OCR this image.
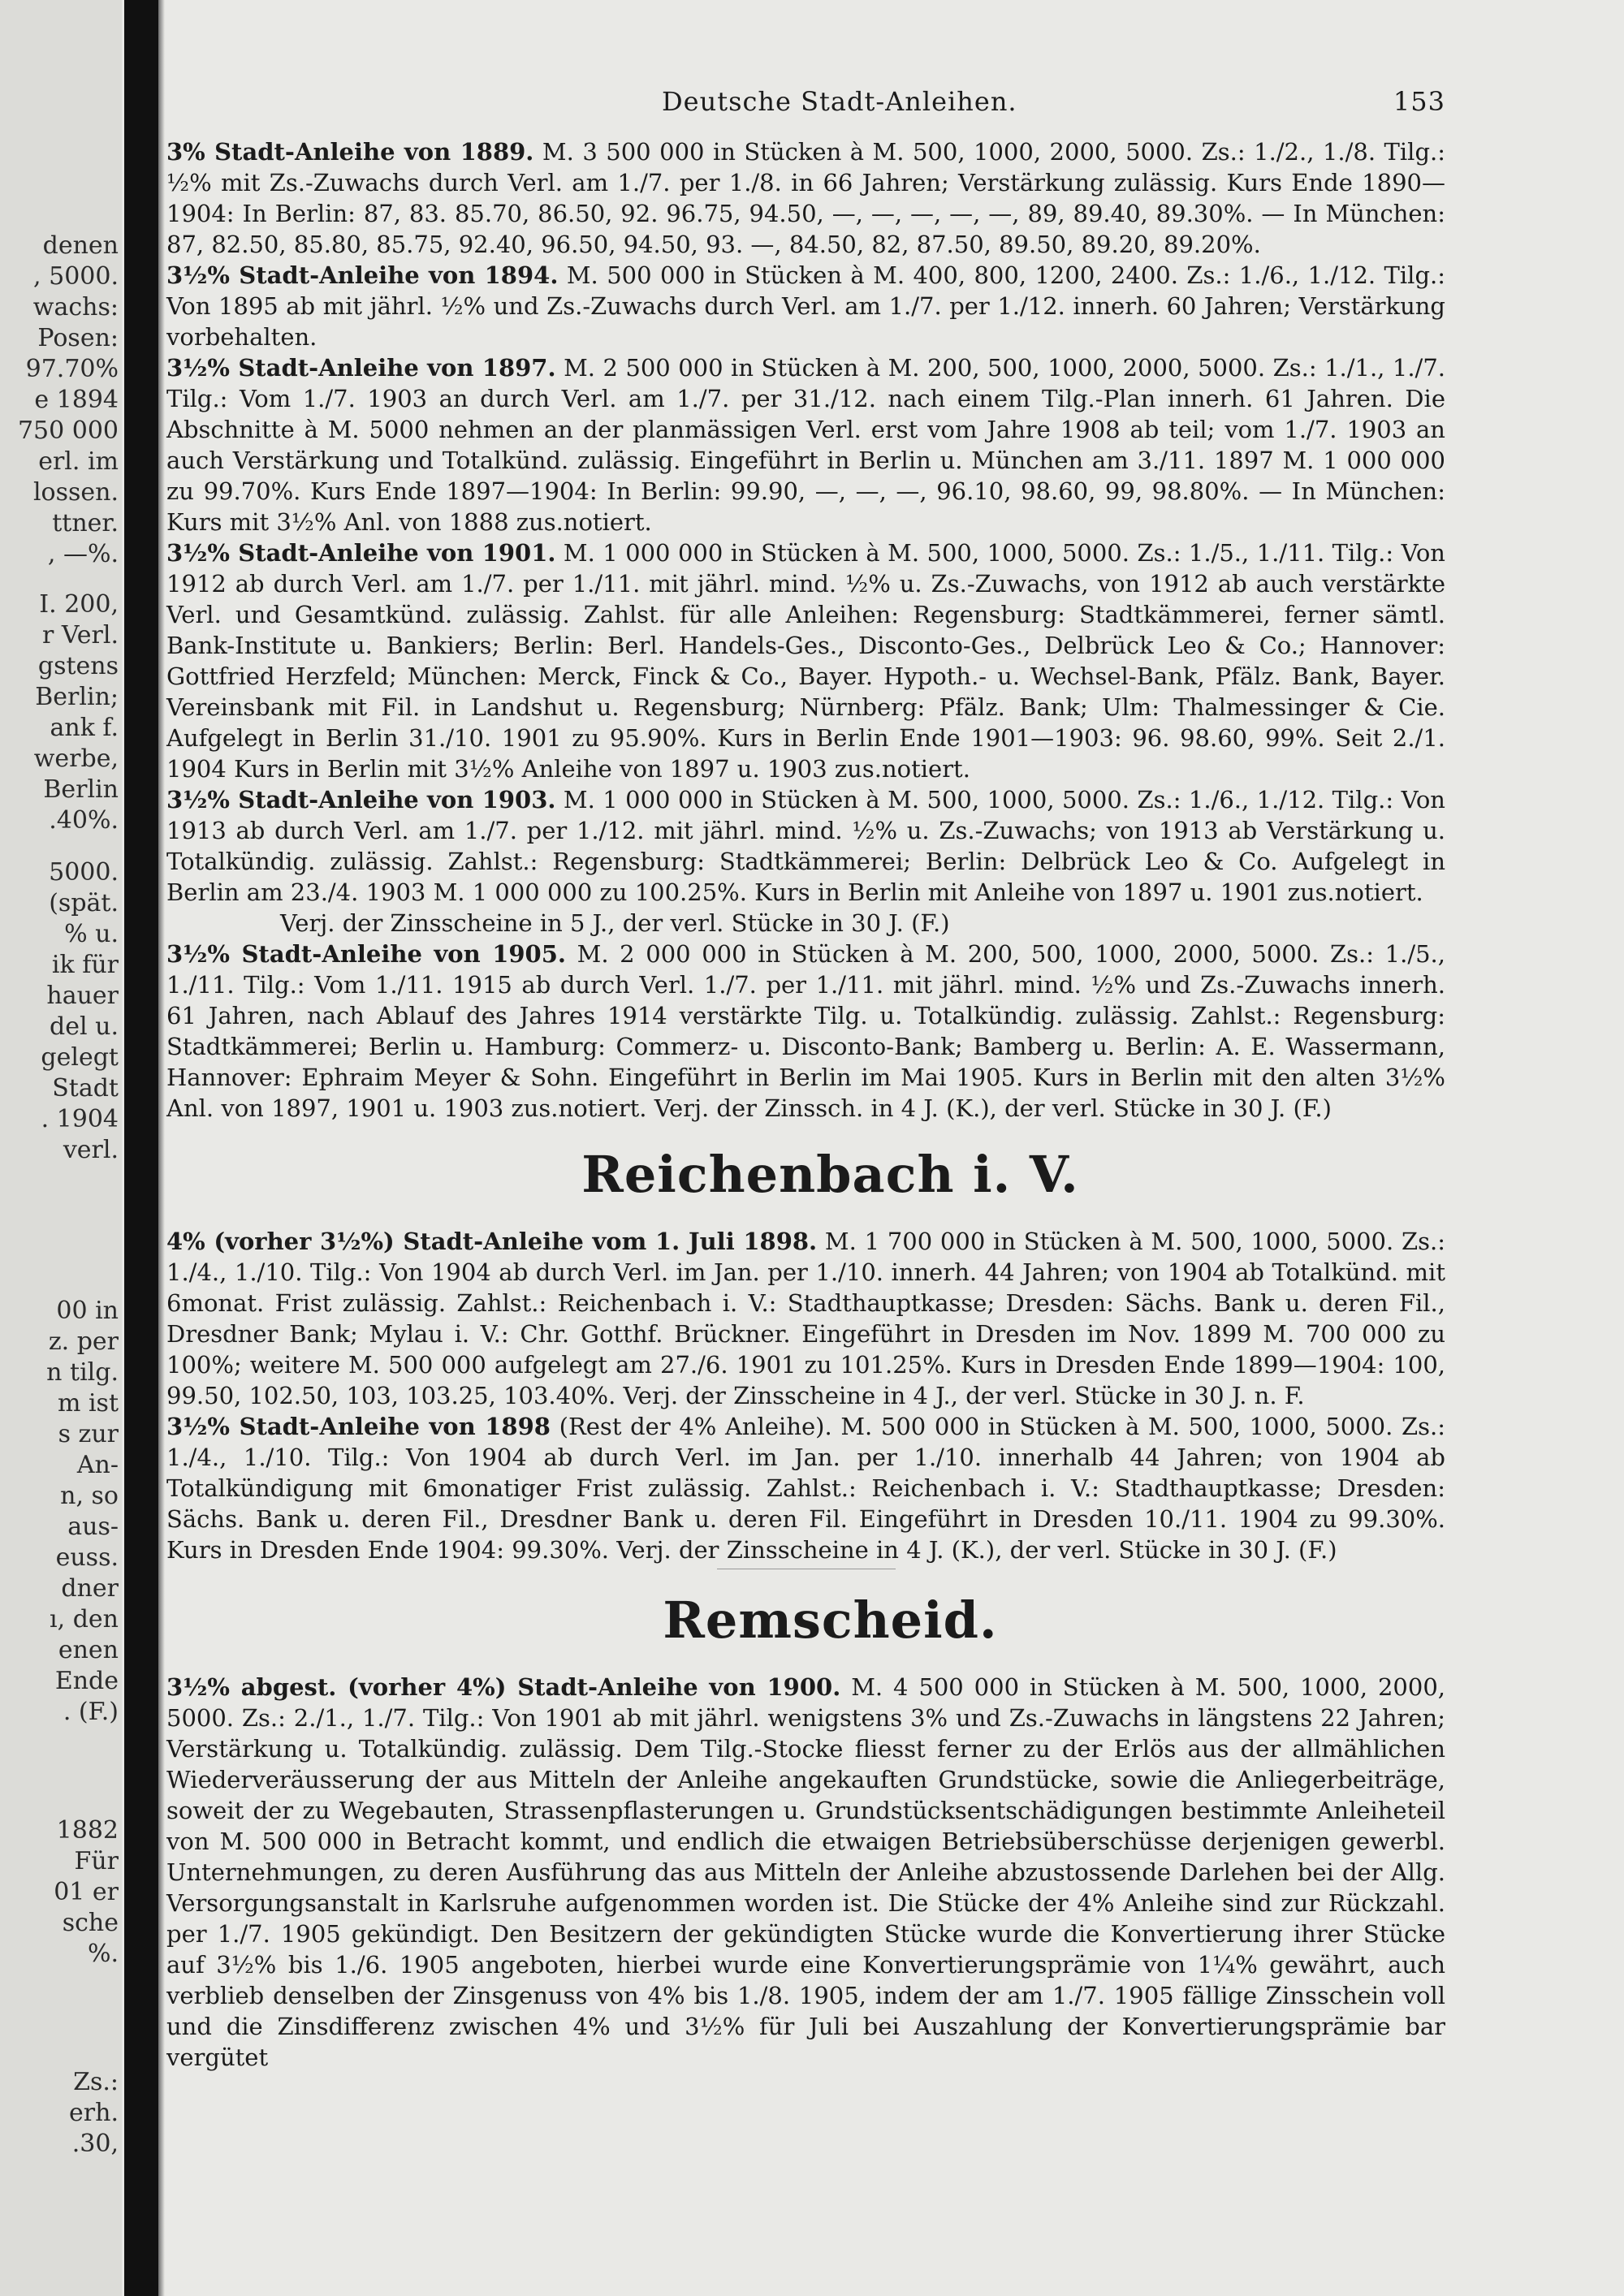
denen
, 5000.
wachs:
Posen:
97.70%
e 1894
750 000
erl. im
lossen.
ttner.
, —%.
I. 200,
r Verl.
gstens
Berlin;
ank f.
werbe,
Berlin
.40%.
5000.
(spät.
% u.
ik für
hauer
del u.
gelegt
Stadt
. 1904
verl.
00 in
z. per
n tilg.
m ist
s zur
An-
n, so
aus-
euss.
dner
ı, den
enen
Ende
. (F.)
1882
Für
01 er
sche
%.
Zs.:
erh.
.30,
Deutsche Stadt-Anleihen.	153

3% Stadt-Anleihe von 1889. M. 3 500 000 in Stücken à M. 500, 1000, 2000, 5000. Zs.: 1./2., 1./8. Tilg.: ½% mit Zs.-Zuwachs durch Verl. am 1./7. per 1./8. in 66 Jahren; Verstärkung zulässig. Kurs Ende 1890—1904: In Berlin: 87, 83. 85.70, 86.50, 92. 96.75, 94.50, —, —, —, —, —, 89, 89.40, 89.30%. — In München: 87, 82.50, 85.80, 85.75, 92.40, 96.50, 94.50, 93. —, 84.50, 82, 87.50, 89.50, 89.20, 89.20%.

3½% Stadt-Anleihe von 1894. M. 500 000 in Stücken à M. 400, 800, 1200, 2400. Zs.: 1./6., 1./12. Tilg.: Von 1895 ab mit jährl. ½% und Zs.-Zuwachs durch Verl. am 1./7. per 1./12. innerh. 60 Jahren; Verstärkung vorbehalten.

3½% Stadt-Anleihe von 1897. M. 2 500 000 in Stücken à M. 200, 500, 1000, 2000, 5000. Zs.: 1./1., 1./7. Tilg.: Vom 1./7. 1903 an durch Verl. am 1./7. per 31./12. nach einem Tilg.-Plan innerh. 61 Jahren. Die Abschnitte à M. 5000 nehmen an der planmässigen Verl. erst vom Jahre 1908 ab teil; vom 1./7. 1903 an auch Verstärkung und Totalkünd. zulässig. Eingeführt in Berlin u. München am 3./11. 1897 M. 1 000 000 zu 99.70%. Kurs Ende 1897—1904: In Berlin: 99.90, —, —, —, 96.10, 98.60, 99, 98.80%. — In München: Kurs mit 3½% Anl. von 1888 zus.notiert.

3½% Stadt-Anleihe von 1901. M. 1 000 000 in Stücken à M. 500, 1000, 5000. Zs.: 1./5., 1./11. Tilg.: Von 1912 ab durch Verl. am 1./7. per 1./11. mit jährl. mind. ½% u. Zs.-Zuwachs, von 1912 ab auch verstärkte Verl. und Gesamtkünd. zulässig. Zahlst. für alle Anleihen: Regensburg: Stadtkämmerei, ferner sämtl. Bank-Institute u. Bankiers; Berlin: Berl. Handels-Ges., Disconto-Ges., Delbrück Leo & Co.; Hannover: Gottfried Herzfeld; München: Merck, Finck & Co., Bayer. Hypoth.- u. Wechsel-Bank, Pfälz. Bank, Bayer. Vereinsbank mit Fil. in Landshut u. Regensburg; Nürnberg: Pfälz. Bank; Ulm: Thalmessinger & Cie. Aufgelegt in Berlin 31./10. 1901 zu 95.90%. Kurs in Berlin Ende 1901—1903: 96. 98.60, 99%. Seit 2./1. 1904 Kurs in Berlin mit 3½% Anleihe von 1897 u. 1903 zus.notiert.

3½% Stadt-Anleihe von 1903. M. 1 000 000 in Stücken à M. 500, 1000, 5000. Zs.: 1./6., 1./12. Tilg.: Von 1913 ab durch Verl. am 1./7. per 1./12. mit jährl. mind. ½% u. Zs.-Zuwachs; von 1913 ab Verstärkung u. Totalkündig. zulässig. Zahlst.: Regensburg: Stadtkämmerei; Berlin: Delbrück Leo & Co. Aufgelegt in Berlin am 23./4. 1903 M. 1 000 000 zu 100.25%. Kurs in Berlin mit Anleihe von 1897 u. 1901 zus.notiert.

Verj. der Zinsscheine in 5 J., der verl. Stücke in 30 J. (F.)

3½% Stadt-Anleihe von 1905. M. 2 000 000 in Stücken à M. 200, 500, 1000, 2000, 5000. Zs.: 1./5., 1./11. Tilg.: Vom 1./11. 1915 ab durch Verl. 1./7. per 1./11. mit jährl. mind. ½% und Zs.-Zuwachs innerh. 61 Jahren, nach Ablauf des Jahres 1914 verstärkte Tilg. u. Totalkündig. zulässig. Zahlst.: Regensburg: Stadtkämmerei; Berlin u. Hamburg: Commerz- u. Disconto-Bank; Bamberg u. Berlin: A. E. Wassermann, Hannover: Ephraim Meyer & Sohn. Eingeführt in Berlin im Mai 1905. Kurs in Berlin mit den alten 3½% Anl. von 1897, 1901 u. 1903 zus.notiert. Verj. der Zinssch. in 4 J. (K.), der verl. Stücke in 30 J. (F.)

Reichenbach i. V.

4% (vorher 3½%) Stadt-Anleihe vom 1. Juli 1898. M. 1 700 000 in Stücken à M. 500, 1000, 5000. Zs.: 1./4., 1./10. Tilg.: Von 1904 ab durch Verl. im Jan. per 1./10. innerh. 44 Jahren; von 1904 ab Totalkünd. mit 6monat. Frist zulässig. Zahlst.: Reichenbach i. V.: Stadthauptkasse; Dresden: Sächs. Bank u. deren Fil., Dresdner Bank; Mylau i. V.: Chr. Gotthf. Brückner. Eingeführt in Dresden im Nov. 1899 M. 700 000 zu 100%; weitere M. 500 000 aufgelegt am 27./6. 1901 zu 101.25%. Kurs in Dresden Ende 1899—1904: 100, 99.50, 102.50, 103, 103.25, 103.40%. Verj. der Zinsscheine in 4 J., der verl. Stücke in 30 J. n. F.

3½% Stadt-Anleihe von 1898 (Rest der 4% Anleihe). M. 500 000 in Stücken à M. 500, 1000, 5000. Zs.: 1./4., 1./10. Tilg.: Von 1904 ab durch Verl. im Jan. per 1./10. innerhalb 44 Jahren; von 1904 ab Totalkündigung mit 6monatiger Frist zulässig. Zahlst.: Reichenbach i. V.: Stadthauptkasse; Dresden: Sächs. Bank u. deren Fil., Dresdner Bank u. deren Fil. Eingeführt in Dresden 10./11. 1904 zu 99.30%. Kurs in Dresden Ende 1904: 99.30%. Verj. der Zinsscheine in 4 J. (K.), der verl. Stücke in 30 J. (F.)

Remscheid.

3½% abgest. (vorher 4%) Stadt-Anleihe von 1900. M. 4 500 000 in Stücken à M. 500, 1000, 2000, 5000. Zs.: 2./1., 1./7. Tilg.: Von 1901 ab mit jährl. wenigstens 3% und Zs.-Zuwachs in längstens 22 Jahren; Verstärkung u. Totalkündig. zulässig. Dem Tilg.-Stocke fliesst ferner zu der Erlös aus der allmählichen Wiederveräusserung der aus Mitteln der Anleihe angekauften Grundstücke, sowie die Anliegerbeiträge, soweit der zu Wegebauten, Strassenpflasterungen u. Grundstücksentschädigungen bestimmte Anleiheteil von M. 500 000 in Betracht kommt, und endlich die etwaigen Betriebsüberschüsse derjenigen gewerbl. Unternehmungen, zu deren Ausführung das aus Mitteln der Anleihe abzustossende Darlehen bei der Allg. Versorgungsanstalt in Karlsruhe aufgenommen worden ist. Die Stücke der 4% Anleihe sind zur Rückzahl. per 1./7. 1905 gekündigt. Den Besitzern der gekündigten Stücke wurde die Konvertierung ihrer Stücke auf 3½% bis 1./6. 1905 angeboten, hierbei wurde eine Konvertierungsprämie von 1¼% gewährt, auch verblieb denselben der Zinsgenuss von 4% bis 1./8. 1905, indem der am 1./7. 1905 fällige Zinsschein voll und die Zinsdifferenz zwischen 4% und 3½% für Juli bei Auszahlung der Konvertierungsprämie bar vergütet
